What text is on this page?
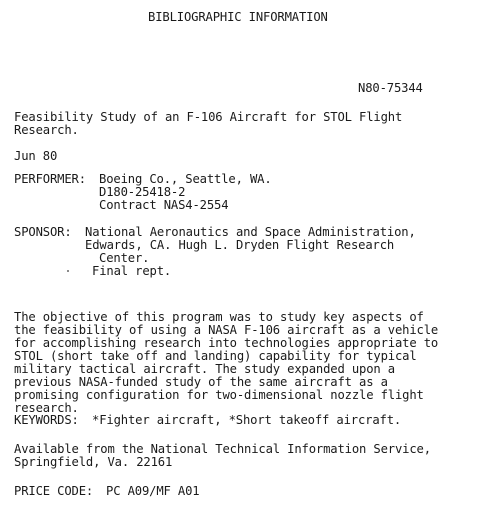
BIBLIOGRAPHIC INFORMATION
N80-75344
Feasibility Study of an F-106 Aircraft for STOL Flight
Research.
Jun 80
PERFORMER: Boeing Co., Seattle, WA.
D180-25418-2
Contract NAS4-2554
SPONSOR: National Aeronautics and Space Administration,
Edwards, CA. Hugh L. Dryden Flight Research
Center.
Final rept.
The objective of this program was to study key aspects of
the feasibility of using a NASA F-106 aircraft as a vehicle
for accomplishing research into technologies appropriate to
STOL (short take off and landing) capability for typical
military tactical aircraft. The study expanded upon a
previous NASA-funded study of the same aircraft as a
promising configuration for two-dimensional nozzle flight
research.
KEYWORDS: *Fighter aircraft, *Short takeoff aircraft.
Available from the National Technical Information Service,
Springfield, Va. 22161
PRICE CODE: PC A09/MF A01
